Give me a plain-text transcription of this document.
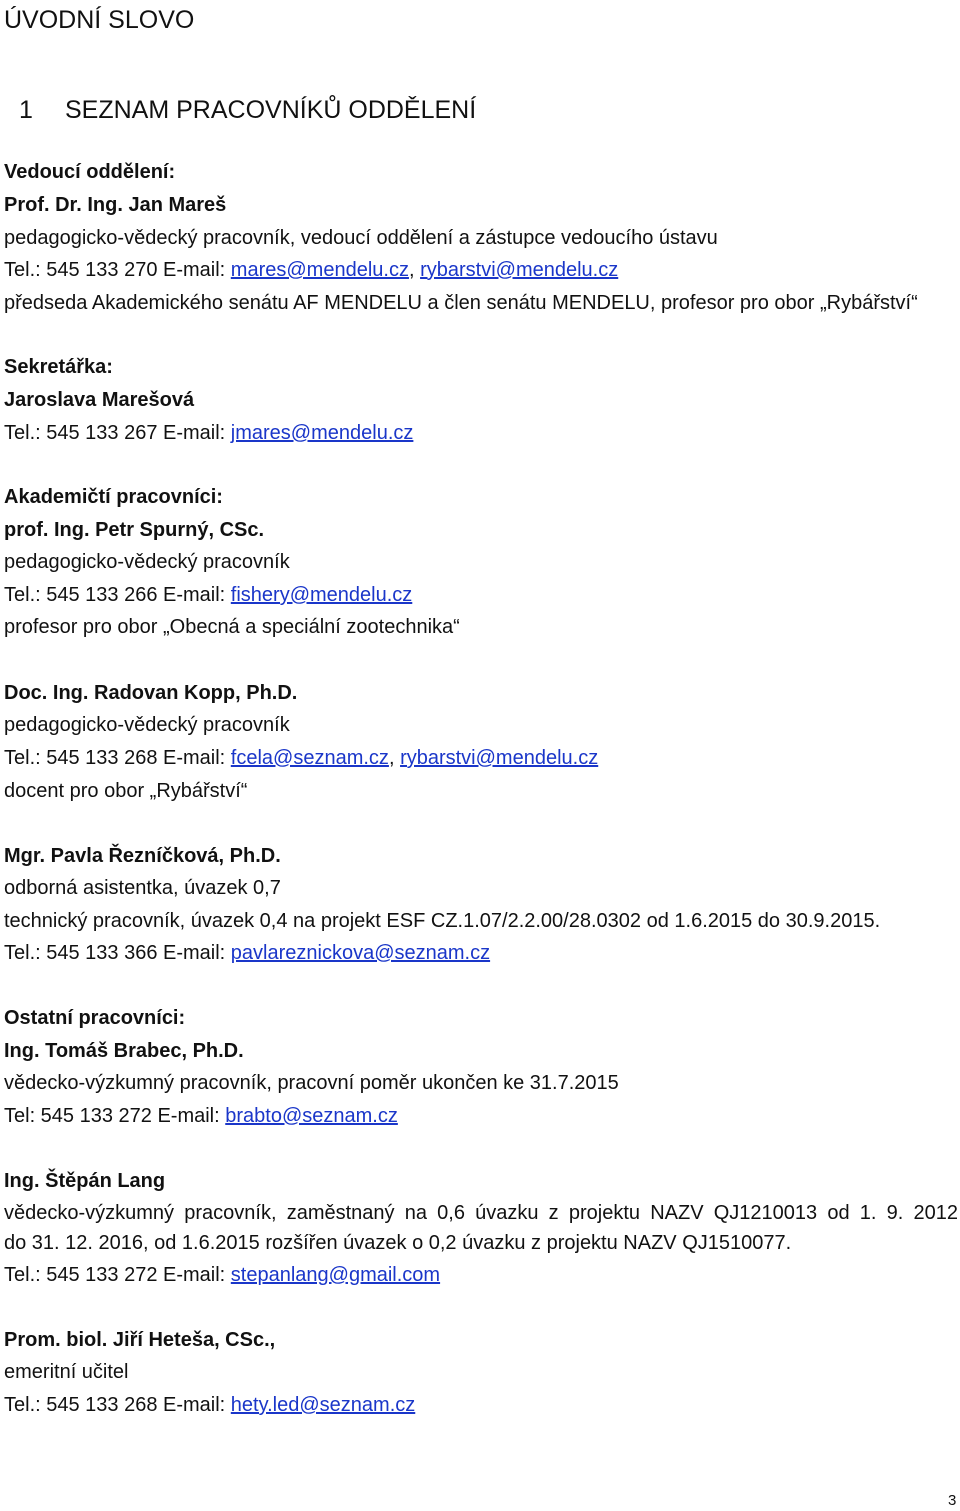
ÚVODNÍ SLOVO
1 SEZNAM PRACOVNÍKŮ ODDĚLENÍ
Vedoucí oddělení:
Prof. Dr. Ing. Jan Mareš
pedagogicko-vědecký pracovník, vedoucí oddělení a zástupce vedoucího ústavu
Tel.: 545 133 270 E-mail: mares@mendelu.cz, rybarstvi@mendelu.cz
předseda Akademického senátu AF MENDELU a člen senátu MENDELU, profesor pro obor „Rybářství“
Sekretářka:
Jaroslava Marešová
Tel.: 545 133 267 E-mail: jmares@mendelu.cz
Akademičtí pracovníci:
prof. Ing. Petr Spurný, CSc.
pedagogicko-vědecký pracovník
Tel.: 545 133 266 E-mail: fishery@mendelu.cz
profesor pro obor „Obecná a speciální zootechnika“
Doc. Ing. Radovan Kopp, Ph.D.
pedagogicko-vědecký pracovník
Tel.: 545 133 268 E-mail: fcela@seznam.cz, rybarstvi@mendelu.cz
docent pro obor „Rybářství“
Mgr. Pavla Řezníčková, Ph.D.
odborná asistentka, úvazek 0,7
technický pracovník, úvazek 0,4 na projekt ESF CZ.1.07/2.2.00/28.0302 od 1.6.2015 do 30.9.2015.
Tel.: 545 133 366 E-mail: pavlareznickova@seznam.cz
Ostatní pracovníci:
Ing. Tomáš Brabec, Ph.D.
vědecko-výzkumný pracovník, pracovní poměr ukončen ke 31.7.2015
Tel: 545 133 272 E-mail: brabto@seznam.cz
Ing. Štěpán Lang
vědecko-výzkumný pracovník, zaměstnaný na 0,6 úvazku z projektu NAZV QJ1210013 od 1. 9. 2012
do 31. 12. 2016, od 1.6.2015 rozšířen úvazek o 0,2 úvazku z projektu NAZV QJ1510077.
Tel.: 545 133 272 E-mail: stepanlang@gmail.com
Prom. biol. Jiří Heteša, CSc.,
emeritní učitel
Tel.: 545 133 268 E-mail: hety.led@seznam.cz
3
